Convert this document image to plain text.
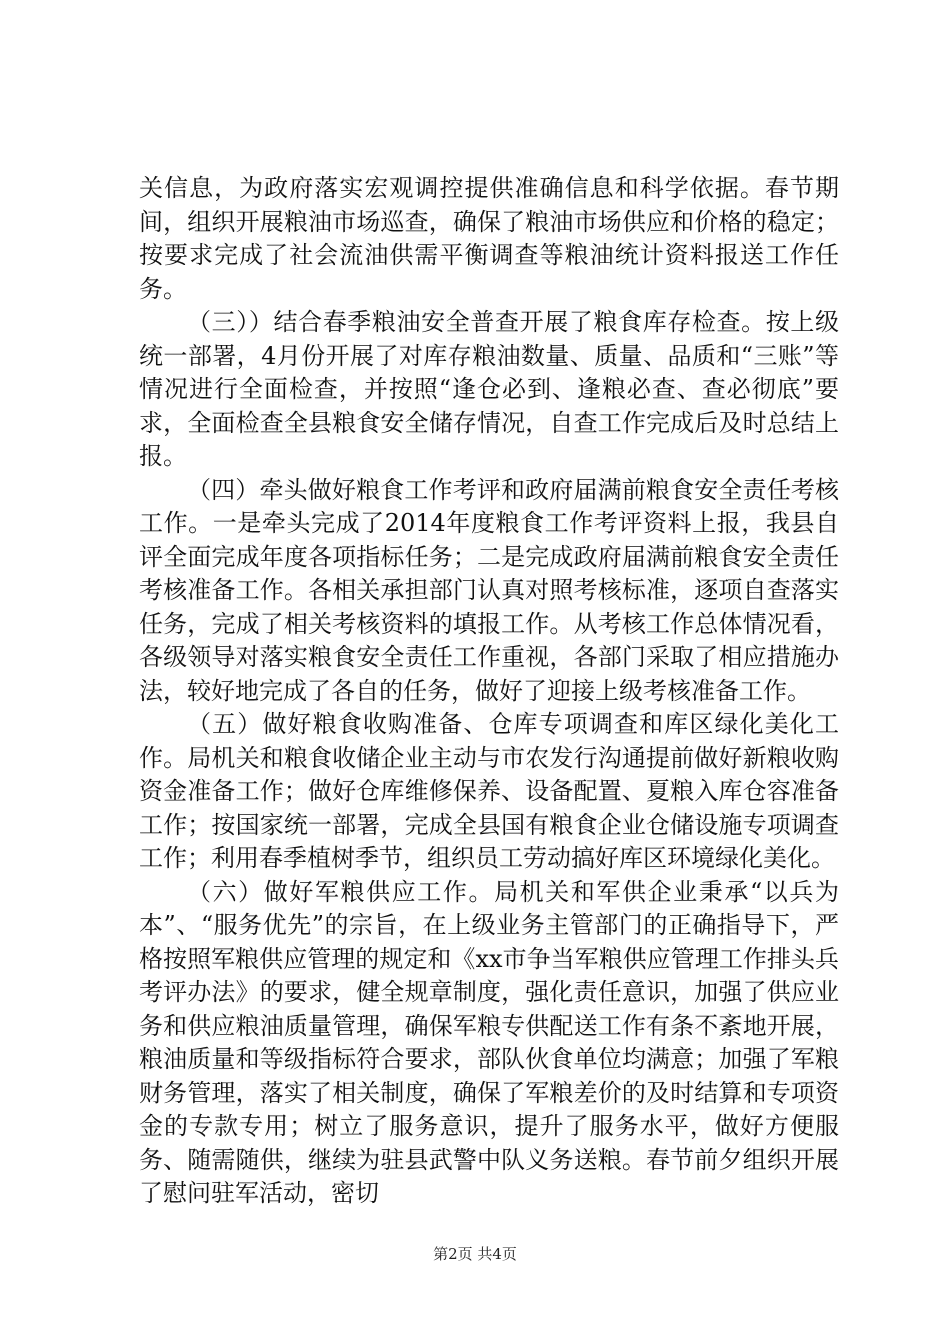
关信息，为政府落实宏观调控提供准确信息和科学依据。春节期间，组织开展粮油市场巡查，确保了粮油市场供应和价格的稳定；按要求完成了社会流油供需平衡调查等粮油统计资料报送工作任务。

（三））结合春季粮油安全普查开展了粮食库存检查。按上级统一部署，4月份开展了对库存粮油数量、质量、品质和“三账”等情况进行全面检查，并按照“逢仓必到、逢粮必查、查必彻底”要求，全面检查全县粮食安全储存情况，自查工作完成后及时总结上报。

（四）牵头做好粮食工作考评和政府届满前粮食安全责任考核工作。一是牵头完成了2014年度粮食工作考评资料上报，我县自评全面完成年度各项指标任务；二是完成政府届满前粮食安全责任考核准备工作。各相关承担部门认真对照考核标准，逐项自查落实任务，完成了相关考核资料的填报工作。从考核工作总体情况看，各级领导对落实粮食安全责任工作重视，各部门采取了相应措施办法，较好地完成了各自的任务，做好了迎接上级考核准备工作。

（五）做好粮食收购准备、仓库专项调查和库区绿化美化工作。局机关和粮食收储企业主动与市农发行沟通提前做好新粮收购资金准备工作；做好仓库维修保养、设备配置、夏粮入库仓容准备工作；按国家统一部署，完成全县国有粮食企业仓储设施专项调查工作；利用春季植树季节，组织员工劳动搞好库区环境绿化美化。

（六）做好军粮供应工作。局机关和军供企业秉承“以兵为本”、“服务优先”的宗旨，在上级业务主管部门的正确指导下，严格按照军粮供应管理的规定和《xx市争当军粮供应管理工作排头兵考评办法》的要求，健全规章制度，强化责任意识，加强了供应业务和供应粮油质量管理，确保军粮专供配送工作有条不紊地开展，粮油质量和等级指标符合要求，部队伙食单位均满意；加强了军粮财务管理，落实了相关制度，确保了军粮差价的及时结算和专项资金的专款专用；树立了服务意识，提升了服务水平，做好方便服务、随需随供，继续为驻县武警中队义务送粮。春节前夕组织开展了慰问驻军活动，密切

第2页 共4页
